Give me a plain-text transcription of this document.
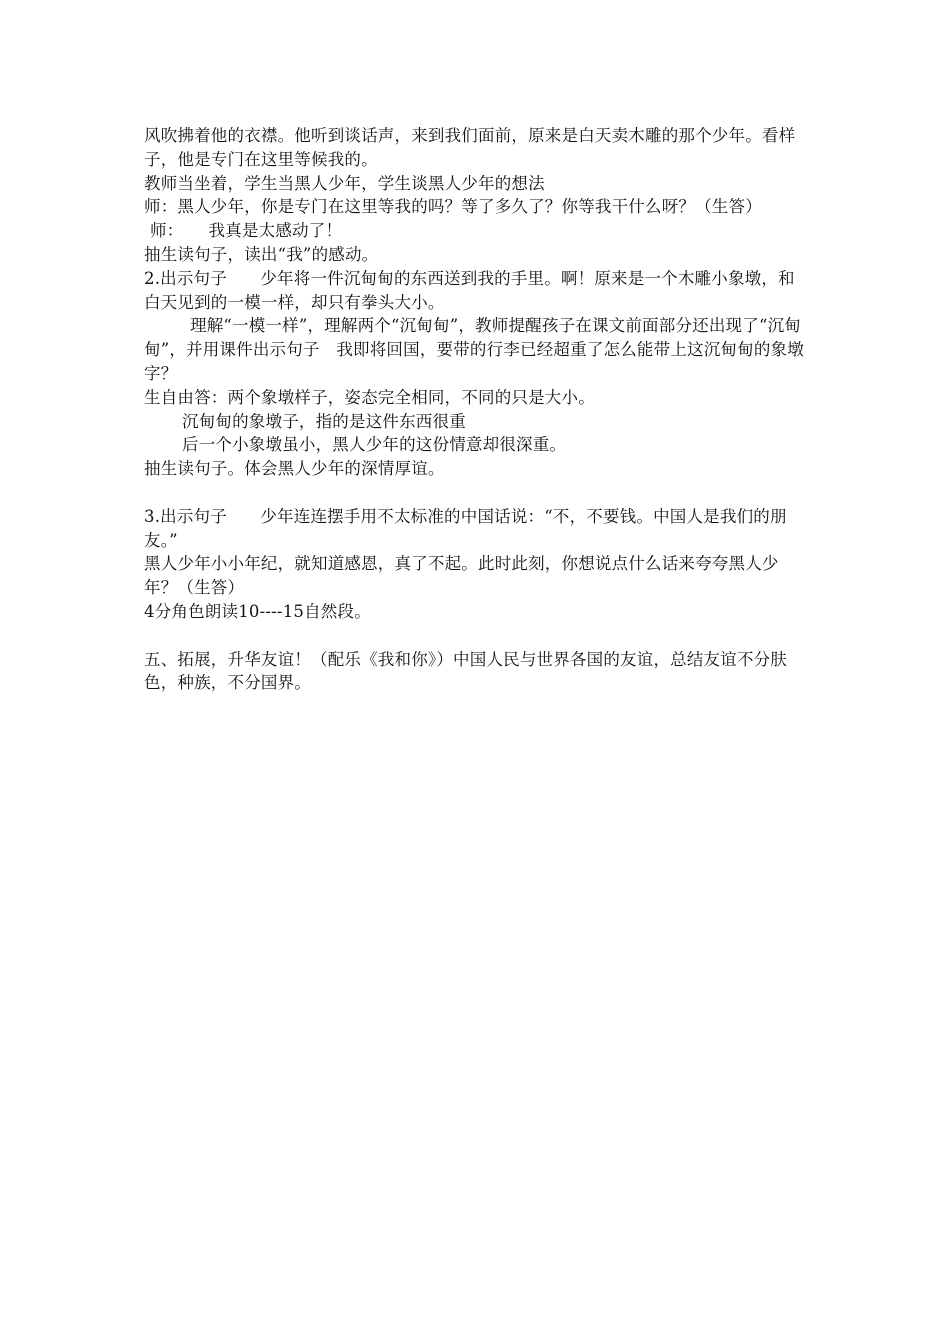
风吹拂着他的衣襟。他听到谈话声，来到我们面前，原来是白天卖木雕的那个少年。看样子，他是专门在这里等候我的。

教师当坐着，学生当黑人少年，学生谈黑人少年的想法

师：黑人少年，你是专门在这里等我的吗？等了多久了？你等我干什么呀？（生答）

师：　　我真是太感动了！

抽生读句子，读出“我”的感动。

2.出示句子　　少年将一件沉甸甸的东西送到我的手里。啊！原来是一个木雕小象墩，和白天见到的一模一样，却只有拳头大小。

理解“一模一样”，理解两个“沉甸甸”，教师提醒孩子在课文前面部分还出现了“沉甸甸”，并用课件出示句子　我即将回国，要带的行李已经超重了怎么能带上这沉甸甸的象墩字？

生自由答：两个象墩样子，姿态完全相同，不同的只是大小。

沉甸甸的象墩子，指的是这件东西很重

后一个小象墩虽小，黑人少年的这份情意却很深重。

抽生读句子。体会黑人少年的深情厚谊。

3.出示句子　　少年连连摆手用不太标准的中国话说：“不，不要钱。中国人是我们的朋友。”

黑人少年小小年纪，就知道感恩，真了不起。此时此刻，你想说点什么话来夸夸黑人少年？（生答）

4分角色朗读10----15自然段。

五、拓展，升华友谊！（配乐《我和你》）中国人民与世界各国的友谊，总结友谊不分肤色，种族，不分国界。
